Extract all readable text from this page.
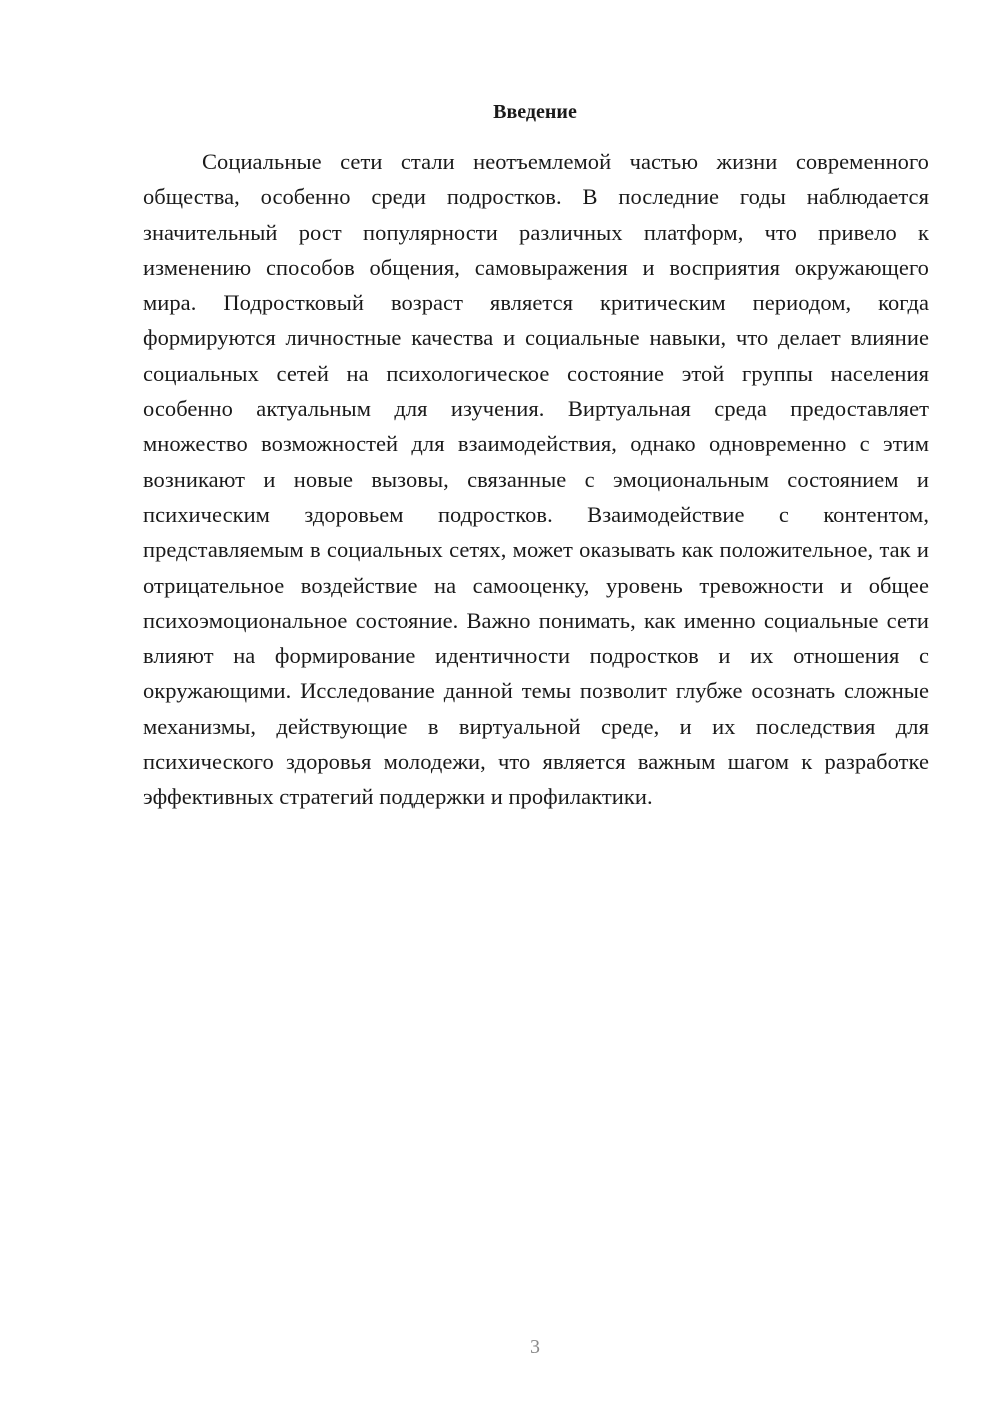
Введение

Социальные сети стали неотъемлемой частью жизни современного общества, особенно среди подростков. В последние годы наблюдается значительный рост популярности различных платформ, что привело к изменению способов общения, самовыражения и восприятия окружающего мира. Подростковый возраст является критическим периодом, когда формируются личностные качества и социальные навыки, что делает влияние социальных сетей на психологическое состояние этой группы населения особенно актуальным для изучения. Виртуальная среда предоставляет множество возможностей для взаимодействия, однако одновременно с этим возникают и новые вызовы, связанные с эмоциональным состоянием и психическим здоровьем подростков. Взаимодействие с контентом, представляемым в социальных сетях, может оказывать как положительное, так и отрицательное воздействие на самооценку, уровень тревожности и общее психоэмоциональное состояние. Важно понимать, как именно социальные сети влияют на формирование идентичности подростков и их отношения с окружающими. Исследование данной темы позволит глубже осознать сложные механизмы, действующие в виртуальной среде, и их последствия для психического здоровья молодежи, что является важным шагом к разработке эффективных стратегий поддержки и профилактики.

3
